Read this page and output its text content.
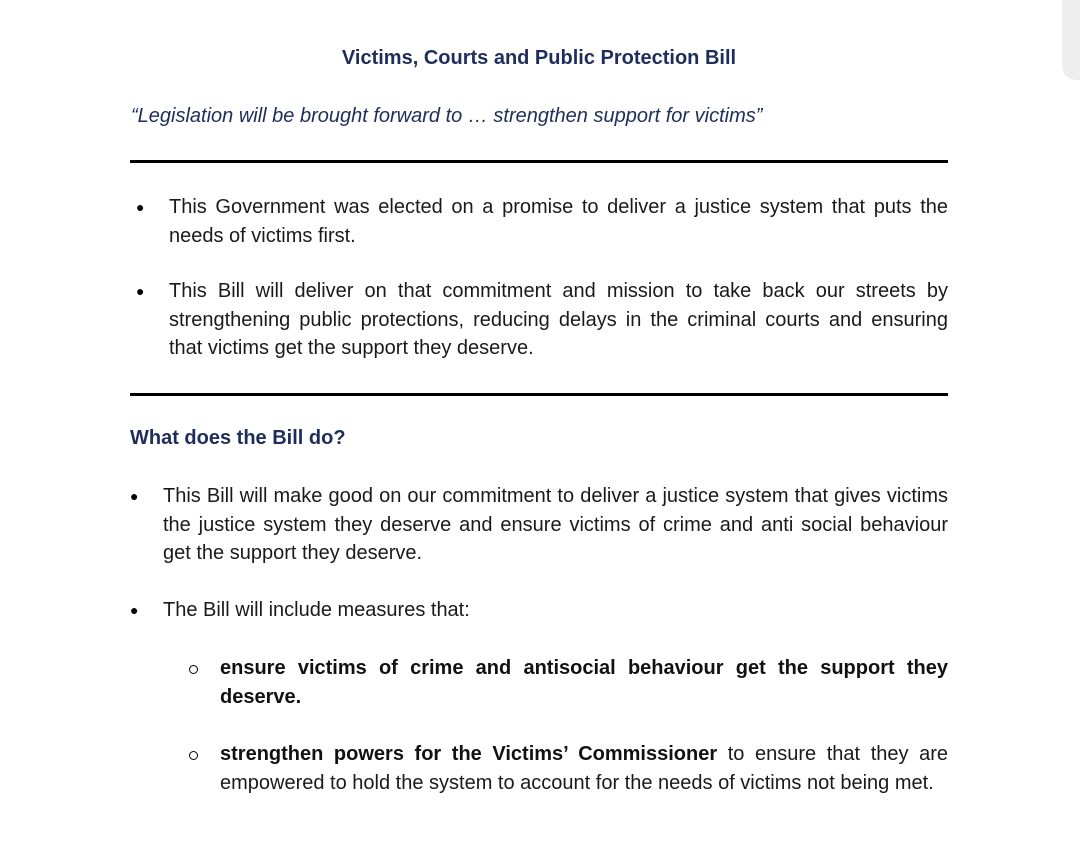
Victims, Courts and Public Protection Bill
“Legislation will be brought forward to … strengthen support for victims”
● This Government was elected on a promise to deliver a justice system that puts the needs of victims first.
● This Bill will deliver on that commitment and mission to take back our streets by strengthening public protections, reducing delays in the criminal courts and ensuring that victims get the support they deserve.
What does the Bill do?
● This Bill will make good on our commitment to deliver a justice system that gives victims the justice system they deserve and ensure victims of crime and anti social behaviour get the support they deserve.
● The Bill will include measures that:
ensure victims of crime and antisocial behaviour get the support they deserve.
strengthen powers for the Victims’ Commissioner to ensure that they are empowered to hold the system to account for the needs of victims not being met.
